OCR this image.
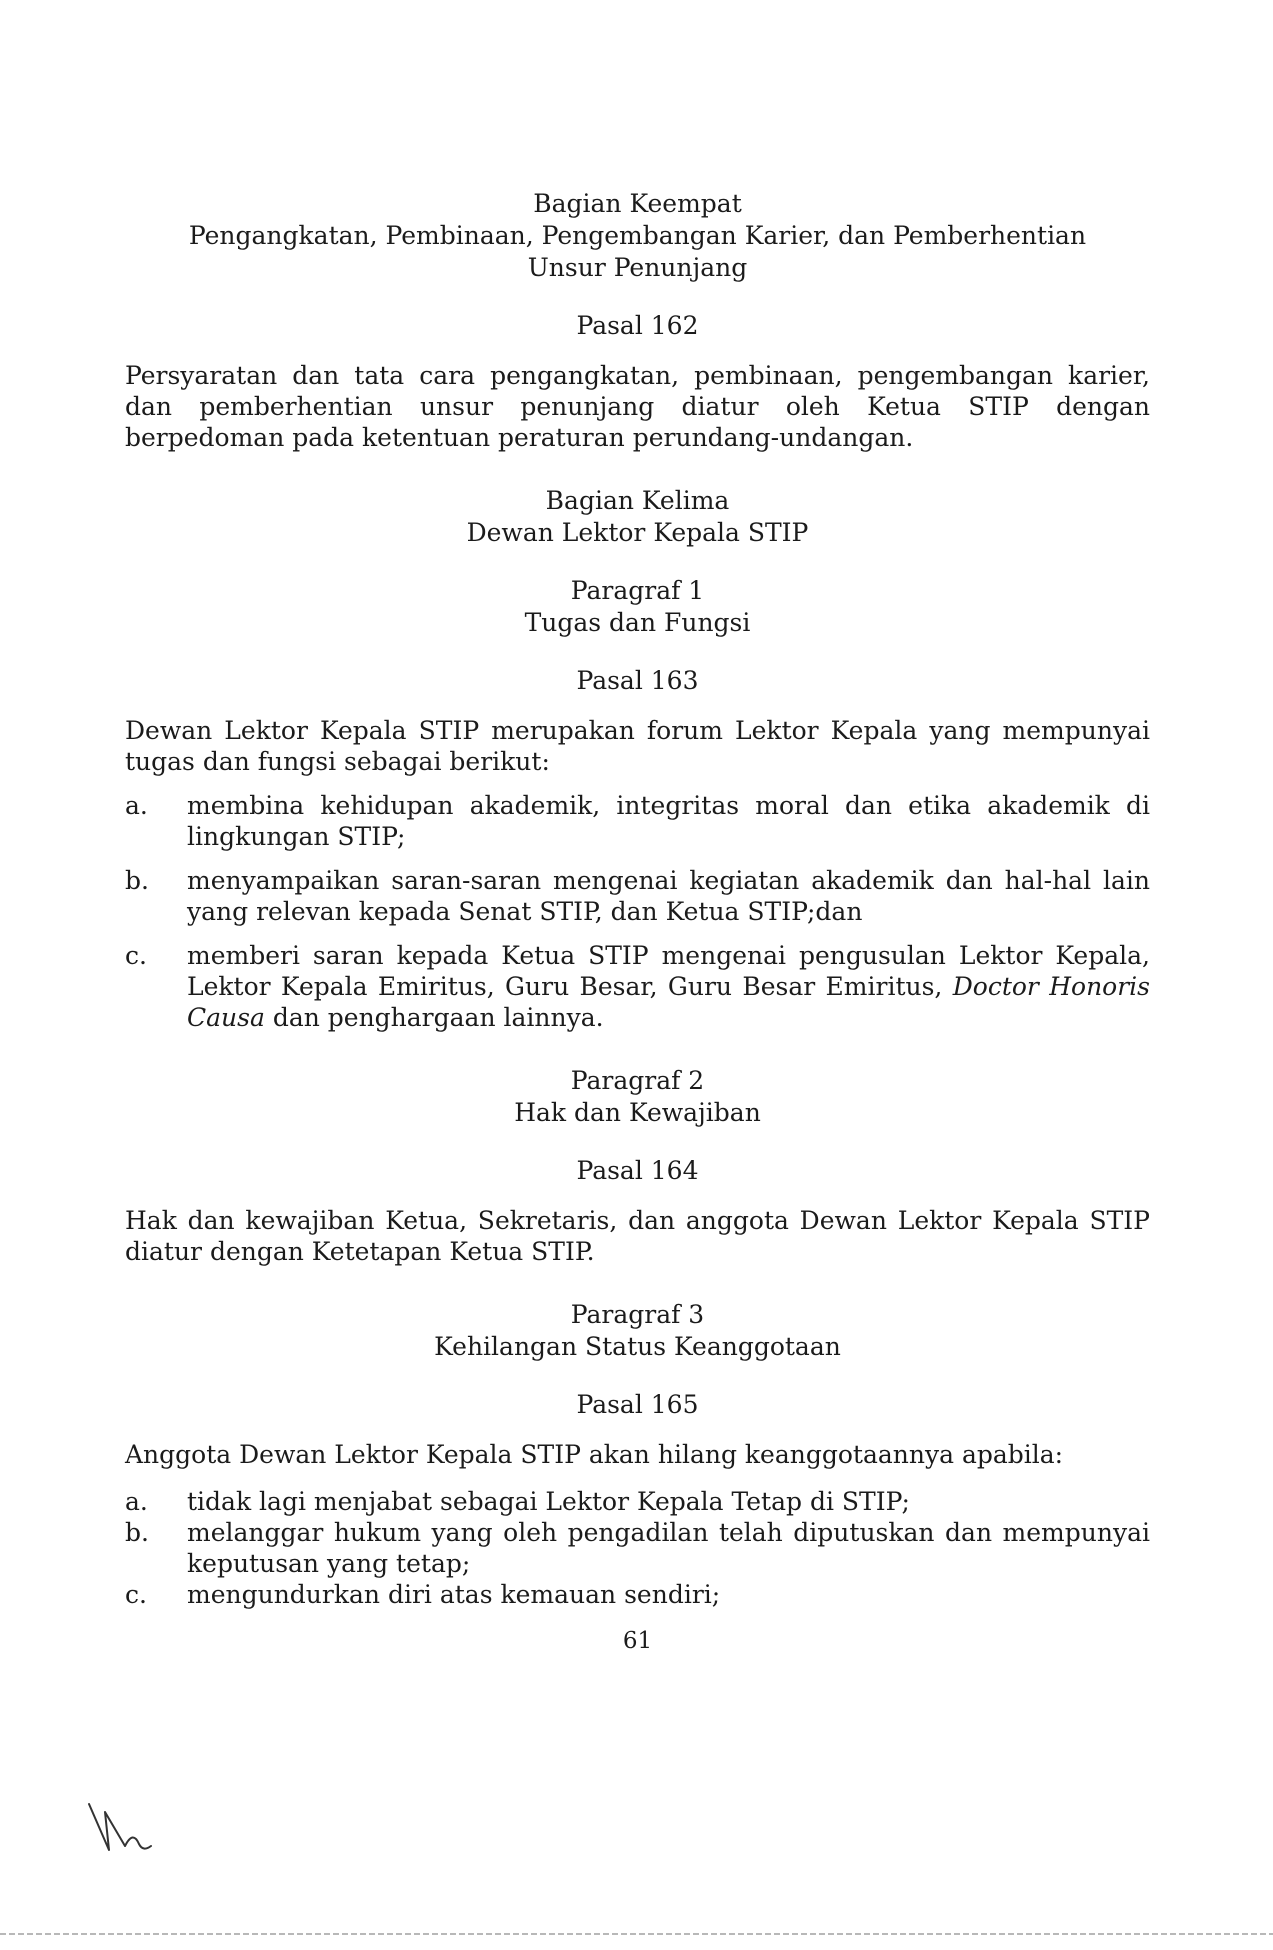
Bagian Keempat
Pengangkatan, Pembinaan, Pengembangan Karier, dan Pemberhentian
Unsur Penunjang
Pasal 162

Persyaratan dan tata cara pengangkatan, pembinaan, pengembangan karier, dan pemberhentian unsur penunjang diatur oleh Ketua STIP dengan berpedoman pada ketentuan peraturan perundang-undangan.

Bagian Kelima
Dewan Lektor Kepala STIP
Paragraf 1
Tugas dan Fungsi
Pasal 163

Dewan Lektor Kepala STIP merupakan forum Lektor Kepala yang mempunyai tugas dan fungsi sebagai berikut:

a.	membina kehidupan akademik, integritas moral dan etika akademik di lingkungan STIP;
b.	menyampaikan saran-saran mengenai kegiatan akademik dan hal-hal lain yang relevan kepada Senat STIP, dan Ketua STIP;dan
c.	memberi saran kepada Ketua STIP mengenai pengusulan Lektor Kepala, Lektor Kepala Emiritus, Guru Besar, Guru Besar Emiritus, Doctor Honoris Causa dan penghargaan lainnya.
Paragraf 2
Hak dan Kewajiban
Pasal 164

Hak dan kewajiban Ketua, Sekretaris, dan anggota Dewan Lektor Kepala STIP diatur dengan Ketetapan Ketua STIP.

Paragraf 3
Kehilangan Status Keanggotaan
Pasal 165

Anggota Dewan Lektor Kepala STIP akan hilang keanggotaannya apabila:

a.	tidak lagi menjabat sebagai Lektor Kepala Tetap di STIP;
b.	melanggar hukum yang oleh pengadilan telah diputuskan dan mempunyai keputusan yang tetap;
c.	mengundurkan diri atas kemauan sendiri;
61
